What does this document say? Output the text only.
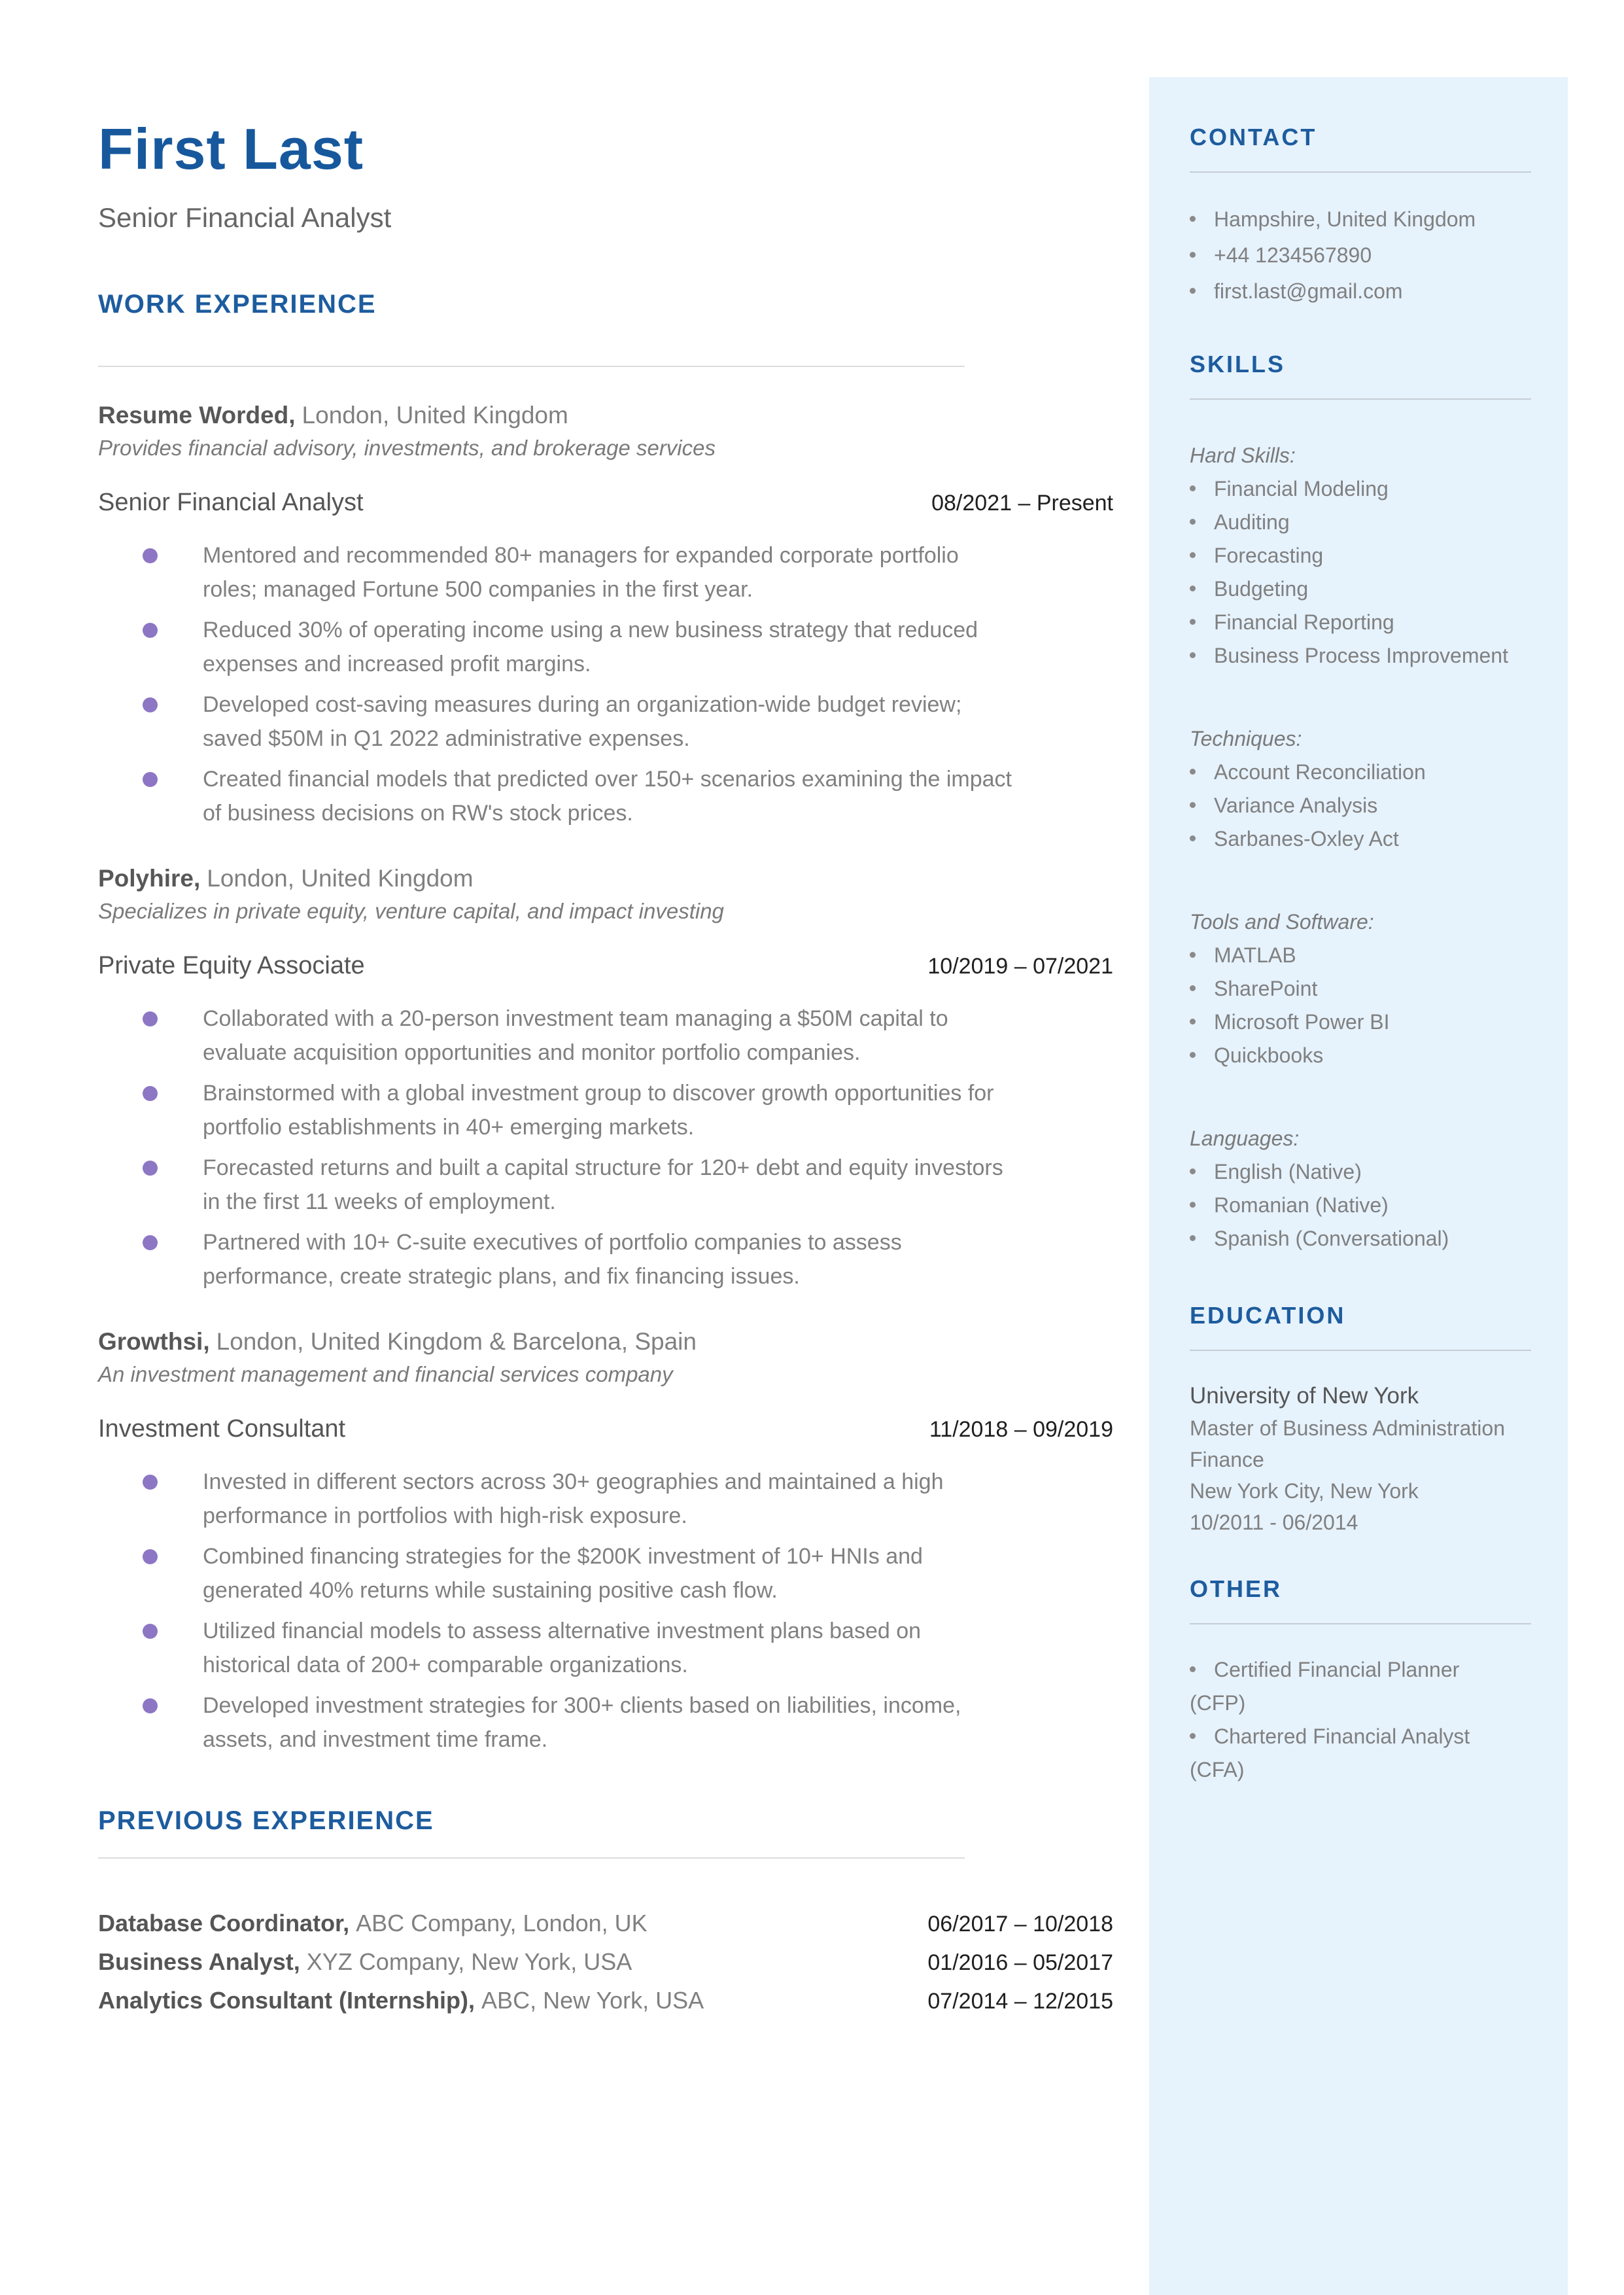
First Last
Senior Financial Analyst
WORK EXPERIENCE
Resume Worded, London, United Kingdom
Provides financial advisory, investments, and brokerage services
Senior Financial Analyst	08/2021 – Present
Mentored and recommended 80+ managers for expanded corporate portfolio roles; managed Fortune 500 companies in the first year.
Reduced 30% of operating income using a new business strategy that reduced expenses and increased profit margins.
Developed cost-saving measures during an organization-wide budget review; saved $50M in Q1 2022 administrative expenses.
Created financial models that predicted over 150+ scenarios examining the impact of business decisions on RW's stock prices.
Polyhire, London, United Kingdom
Specializes in private equity, venture capital, and impact investing
Private Equity Associate	10/2019 – 07/2021
Collaborated with a 20-person investment team managing a $50M capital to evaluate acquisition opportunities and monitor portfolio companies.
Brainstormed with a global investment group to discover growth opportunities for portfolio establishments in 40+ emerging markets.
Forecasted returns and built a capital structure for 120+ debt and equity investors in the first 11 weeks of employment.
Partnered with 10+ C-suite executives of portfolio companies to assess performance, create strategic plans, and fix financing issues.
Growthsi, London, United Kingdom & Barcelona, Spain
An investment management and financial services company
Investment Consultant	11/2018 – 09/2019
Invested in different sectors across 30+ geographies and maintained a high performance in portfolios with high-risk exposure.
Combined financing strategies for the $200K investment of 10+ HNIs and generated 40% returns while sustaining positive cash flow.
Utilized financial models to assess alternative investment plans based on historical data of 200+ comparable organizations.
Developed investment strategies for 300+ clients based on liabilities, income, assets, and investment time frame.
PREVIOUS EXPERIENCE
Database Coordinator, ABC Company, London, UK	06/2017 – 10/2018
Business Analyst, XYZ Company, New York, USA	01/2016 – 05/2017
Analytics Consultant (Internship), ABC, New York, USA	07/2014 – 12/2015
CONTACT
Hampshire, United Kingdom
+44 1234567890
first.last@gmail.com
SKILLS
Hard Skills:
Financial Modeling
Auditing
Forecasting
Budgeting
Financial Reporting
Business Process Improvement
Techniques:
Account Reconciliation
Variance Analysis
Sarbanes-Oxley Act
Tools and Software:
MATLAB
SharePoint
Microsoft Power BI
Quickbooks
Languages:
English (Native)
Romanian (Native)
Spanish (Conversational)
EDUCATION
University of New York
Master of Business Administration
Finance
New York City, New York
10/2011 - 06/2014
OTHER
Certified Financial Planner (CFP)
Chartered Financial Analyst (CFA)
